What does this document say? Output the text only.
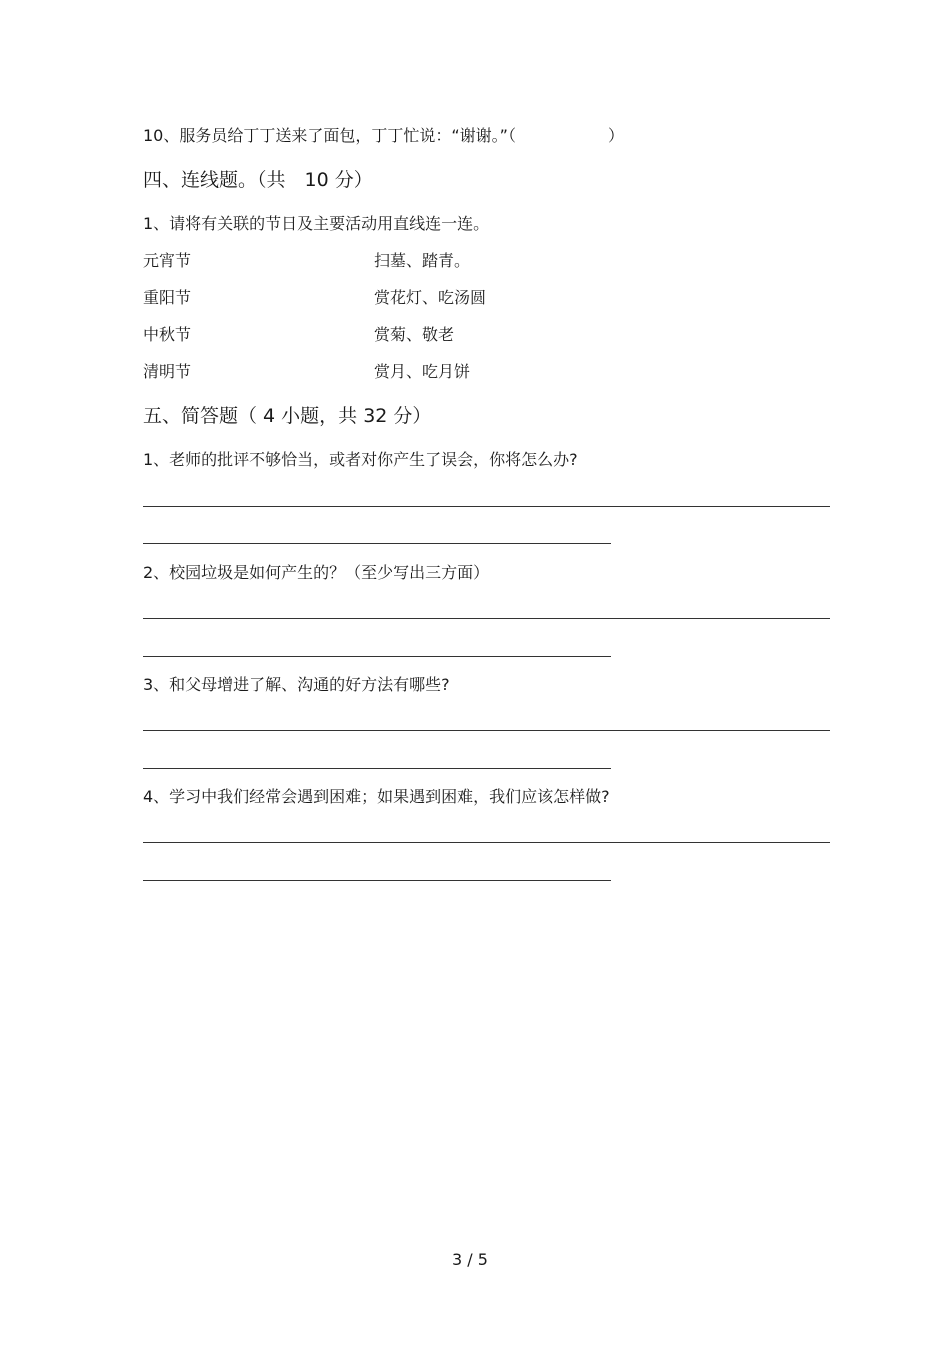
10、服务员给丁丁送来了面包，丁丁忙说：“谢谢。”（	）
四、连线题。（共　10 分）
1、请将有关联的节日及主要活动用直线连一连。
元宵节	扫墓、踏青。
重阳节	赏花灯、吃汤圆
中秋节	赏菊、敬老
清明节	赏月、吃月饼
五、简答题（ 4 小题，共 32 分）
1、老师的批评不够恰当，或者对你产生了误会，你将怎么办?
2、校园垃圾是如何产生的？（至少写出三方面）
3、和父母增进了解、沟通的好方法有哪些?
4、学习中我们经常会遇到困难；如果遇到困难，我们应该怎样做?
3 / 5
